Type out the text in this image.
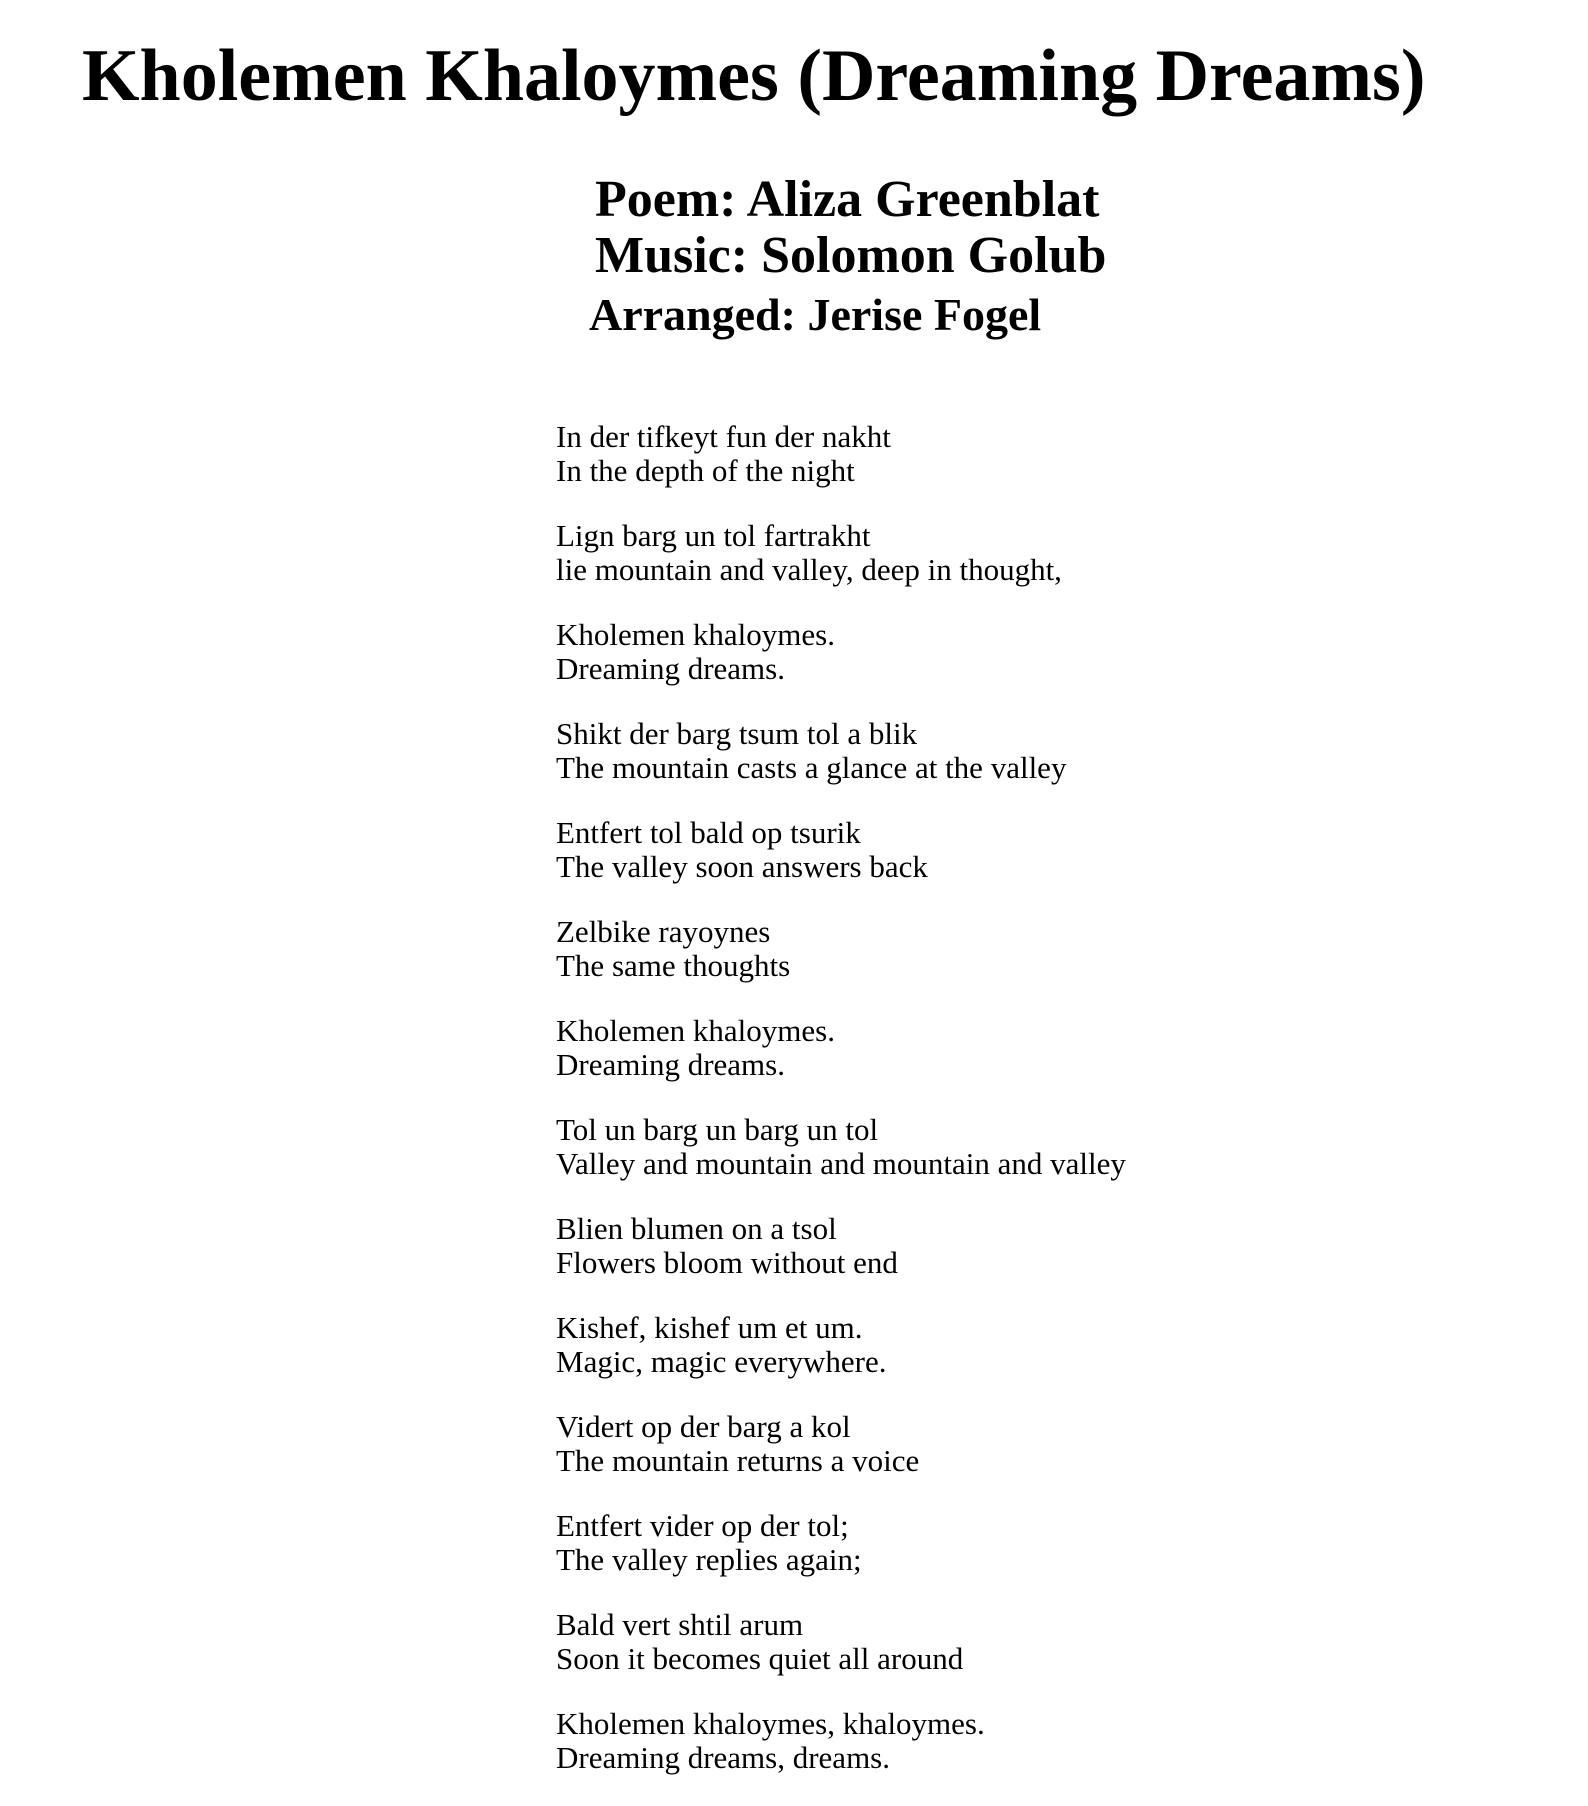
Kholemen Khaloymes (Dreaming Dreams)
Poem: Aliza Greenblat
Music: Solomon Golub
Arranged: Jerise Fogel
In der tifkeyt fun der nakht
In the depth of the night
Lign barg un tol fartrakht
lie mountain and valley, deep in thought,
Kholemen khaloymes.
Dreaming dreams.
Shikt der barg tsum tol a blik
The mountain casts a glance at the valley
Entfert tol bald op tsurik
The valley soon answers back
Zelbike rayoynes
The same thoughts
Kholemen khaloymes.
Dreaming dreams.
Tol un barg un barg un tol
Valley and mountain and mountain and valley
Blien blumen on a tsol
Flowers bloom without end
Kishef, kishef um et um.
Magic, magic everywhere.
Vidert op der barg a kol
The mountain returns a voice
Entfert vider op der tol;
The valley replies again;
Bald vert shtil arum
Soon it becomes quiet all around
Kholemen khaloymes, khaloymes.
Dreaming dreams, dreams.
